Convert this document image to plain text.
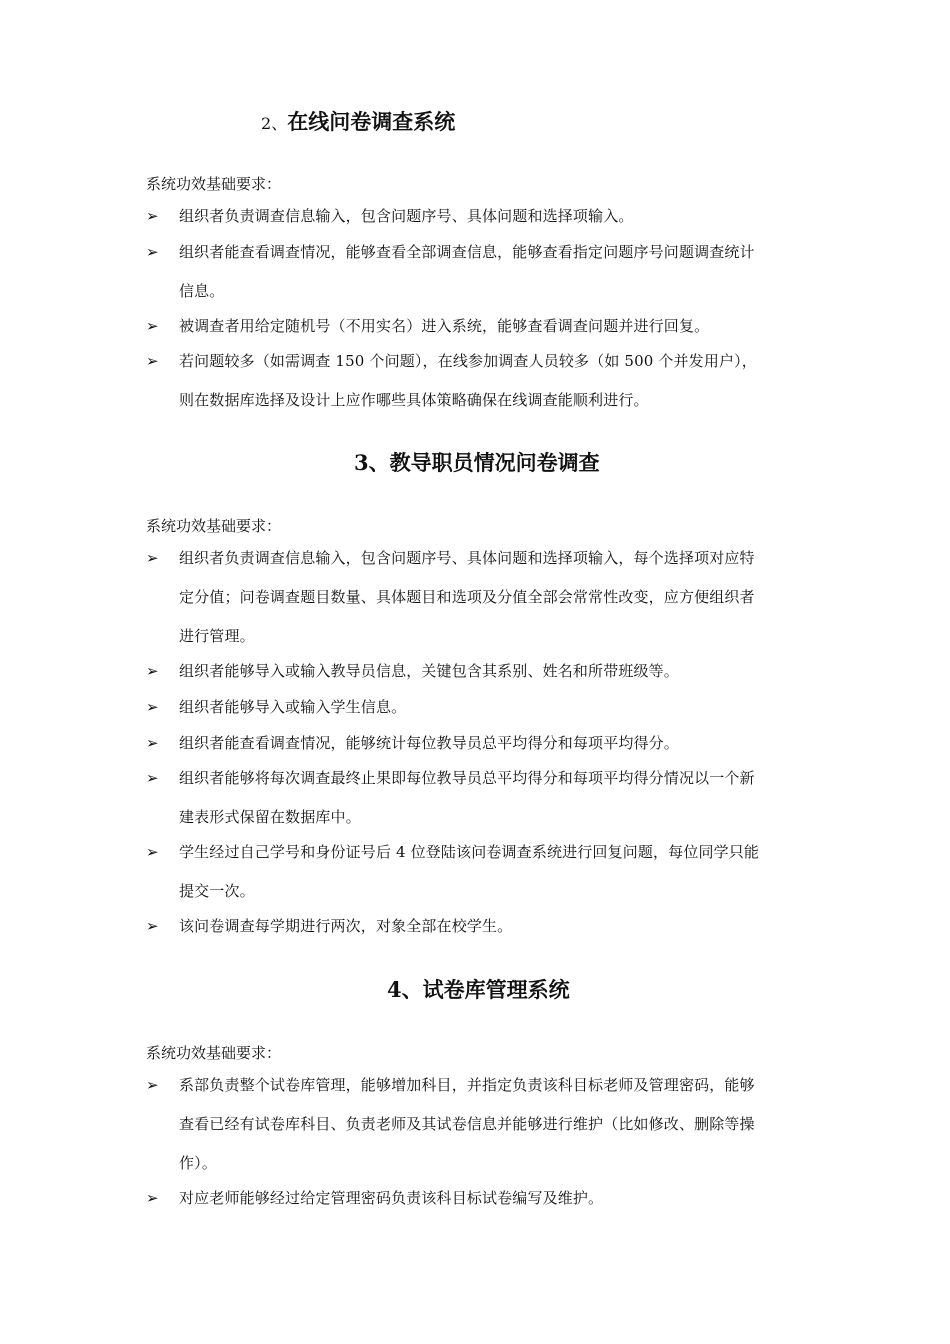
2、在线问卷调查系统

系统功效基础要求：

➢ 组织者负责调查信息输入，包含问题序号、具体问题和选择项输入。
➢ 组织者能查看调查情况，能够查看全部调查信息，能够查看指定问题序号问题调查统计
信息。
➢ 被调查者用给定随机号（不用实名）进入系统，能够查看调查问题并进行回复。
➢ 若问题较多（如需调查 150 个问题），在线参加调查人员较多（如 500 个并发用户），
则在数据库选择及设计上应作哪些具体策略确保在线调查能顺利进行。
3、教导职员情况问卷调查

系统功效基础要求：

➢ 组织者负责调查信息输入，包含问题序号、具体问题和选择项输入，每个选择项对应特
定分值；问卷调查题目数量、具体题目和选项及分值全部会常常性改变，应方便组织者
进行管理。
➢ 组织者能够导入或输入教导员信息，关键包含其系别、姓名和所带班级等。
➢ 组织者能够导入或输入学生信息。
➢ 组织者能查看调查情况，能够统计每位教导员总平均得分和每项平均得分。
➢ 组织者能够将每次调查最终止果即每位教导员总平均得分和每项平均得分情况以一个新
建表形式保留在数据库中。
➢ 学生经过自己学号和身份证号后 4 位登陆该问卷调查系统进行回复问题，每位同学只能
提交一次。
➢ 该问卷调查每学期进行两次，对象全部在校学生。
4、试卷库管理系统

系统功效基础要求：

➢ 系部负责整个试卷库管理，能够增加科目，并指定负责该科目标老师及管理密码，能够
查看已经有试卷库科目、负责老师及其试卷信息并能够进行维护（比如修改、删除等操
作）。
➢ 对应老师能够经过给定管理密码负责该科目标试卷编写及维护。
